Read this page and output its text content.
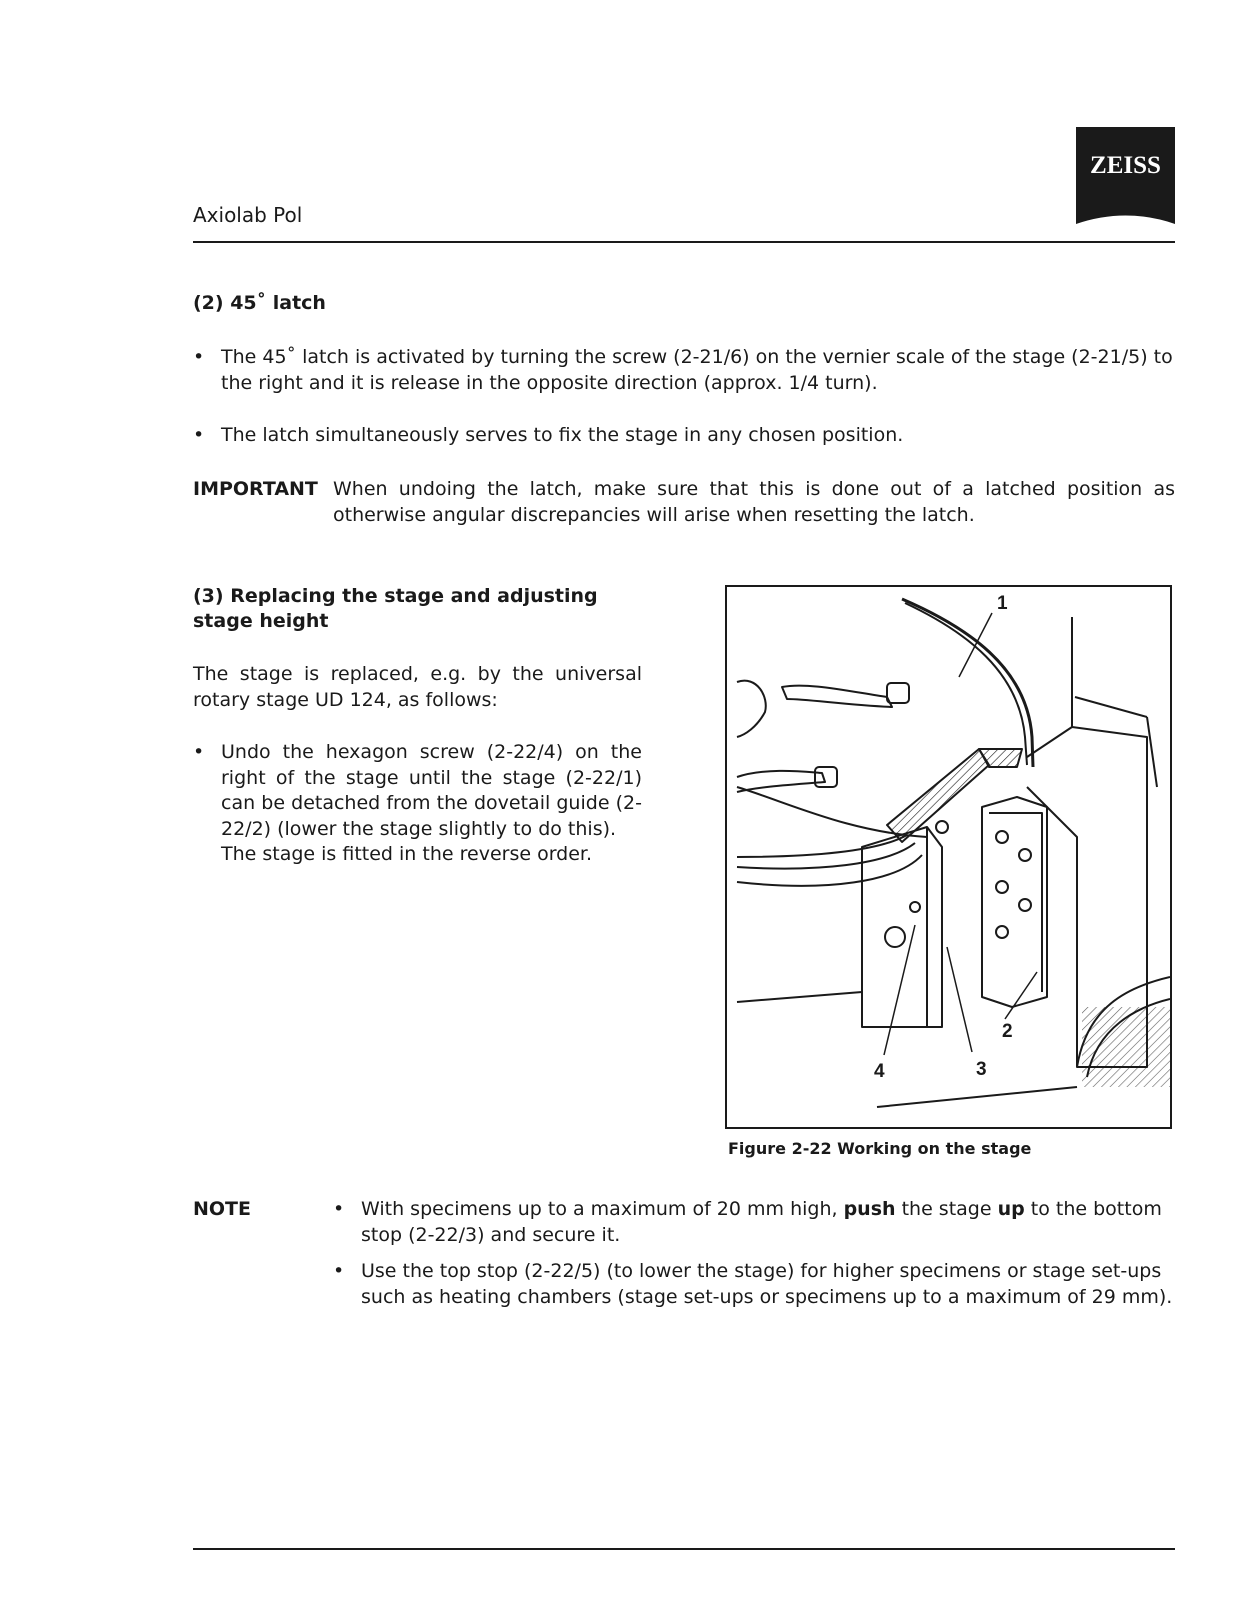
Axiolab Pol
ZEISS
(2) 45˚ latch
• The 45˚ latch is activated by turning the screw (2-21/6) on the vernier scale of the stage (2-21/5) to the right and it is release in the opposite direction (approx. 1/4 turn).
• The latch simultaneously serves to fix the stage in any chosen position.
IMPORTANT When undoing the latch, make sure that this is done out of a latched position as otherwise angular discrepancies will arise when resetting the latch.
(3) Replacing the stage and adjusting stage height

The stage is replaced, e.g. by the universal rotary stage UD 124, as follows:

• Undo the hexagon screw (2-22/4) on the right of the stage until the stage (2-22/1) can be detached from the dovetail guide (2-22/2) (lower the stage slightly to do this).
The stage is fitted in the reverse order.
1
2
3
4
Figure 2-22 Working on the stage
NOTE	• With specimens up to a maximum of 20 mm high, push the stage up to the bottom stop (2-22/3) and secure it.
• Use the top stop (2-22/5) (to lower the stage) for higher specimens or stage set-ups such as heating chambers (stage set-ups or specimens up to a maximum of 29 mm).
